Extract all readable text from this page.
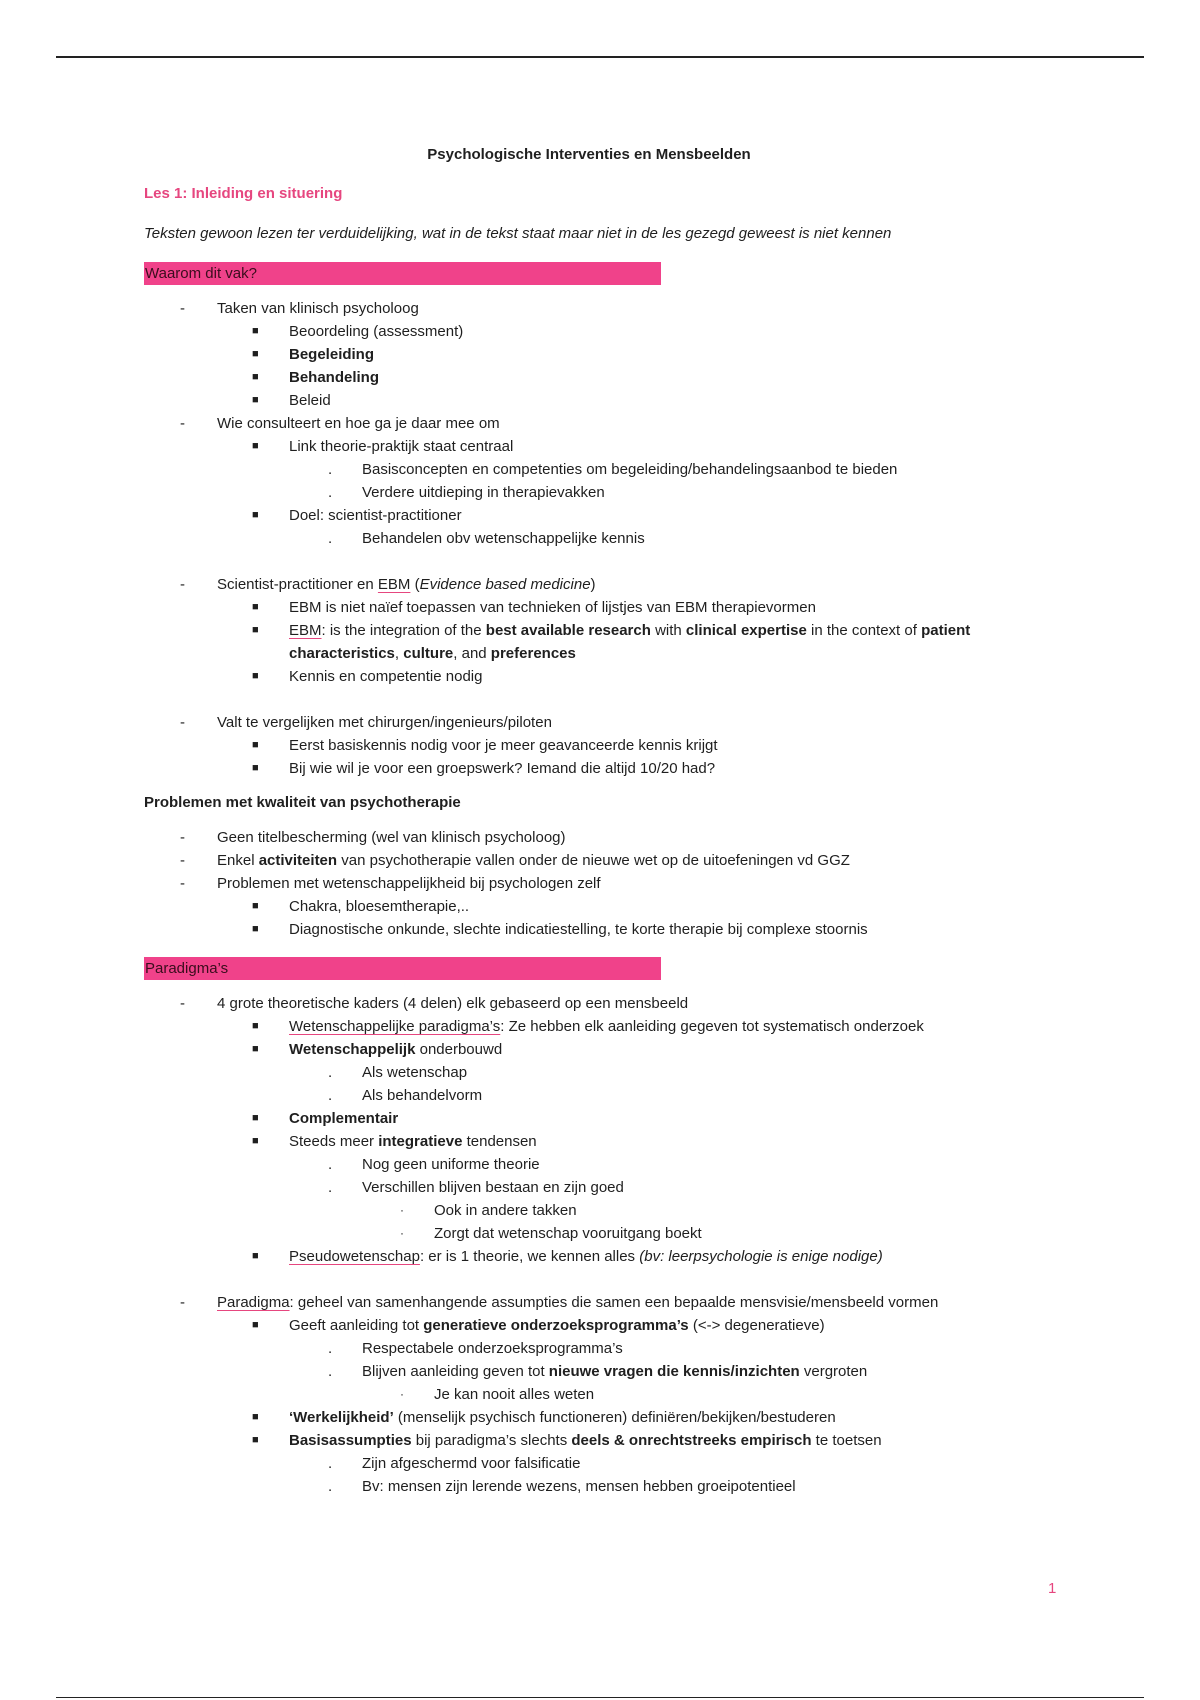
Psychologische Interventies en Mensbeelden
Les 1: Inleiding en situering
Teksten gewoon lezen ter verduidelijking, wat in de tekst staat maar niet in de les gezegd geweest is niet kennen
Waarom dit vak?
- Taken van klinisch psycholoog
■ Beoordeling (assessment)
■ Begeleiding
■ Behandeling
■ Beleid
- Wie consulteert en hoe ga je daar mee om
■ Link theorie-praktijk staat centraal
. Basisconcepten en competenties om begeleiding/behandelingsaanbod te bieden
. Verdere uitdieping in therapievakken
■ Doel: scientist-practitioner
. Behandelen obv wetenschappelijke kennis
- Scientist-practitioner en EBM (Evidence based medicine)
■ EBM is niet naïef toepassen van technieken of lijstjes van EBM therapievormen
■ EBM: is the integration of the best available research with clinical expertise in the context of patient characteristics, culture, and preferences
■ Kennis en competentie nodig
- Valt te vergelijken met chirurgen/ingenieurs/piloten
■ Eerst basiskennis nodig voor je meer geavanceerde kennis krijgt
■ Bij wie wil je voor een groepswerk? Iemand die altijd 10/20 had?
Problemen met kwaliteit van psychotherapie
- Geen titelbescherming (wel van klinisch psycholoog)
- Enkel activiteiten van psychotherapie vallen onder de nieuwe wet op de uitoefeningen vd GGZ
- Problemen met wetenschappelijkheid bij psychologen zelf
■ Chakra, bloesemtherapie,..
■ Diagnostische onkunde, slechte indicatiestelling, te korte therapie bij complexe stoornis
Paradigma’s
- 4 grote theoretische kaders (4 delen) elk gebaseerd op een mensbeeld
■ Wetenschappelijke paradigma’s: Ze hebben elk aanleiding gegeven tot systematisch onderzoek
■ Wetenschappelijk onderbouwd
. Als wetenschap
. Als behandelvorm
■ Complementair
■ Steeds meer integratieve tendensen
. Nog geen uniforme theorie
. Verschillen blijven bestaan en zijn goed
· Ook in andere takken
· Zorgt dat wetenschap vooruitgang boekt
■ Pseudowetenschap: er is 1 theorie, we kennen alles (bv: leerpsychologie is enige nodige)
- Paradigma: geheel van samenhangende assumpties die samen een bepaalde mensvisie/mensbeeld vormen
■ Geeft aanleiding tot generatieve onderzoeksprogramma’s (<-> degeneratieve)
. Respectabele onderzoeksprogramma’s
. Blijven aanleiding geven tot nieuwe vragen die kennis/inzichten vergroten
· Je kan nooit alles weten
■ ‘Werkelijkheid’ (menselijk psychisch functioneren) definiëren/bekijken/bestuderen
■ Basisassumpties bij paradigma’s slechts deels & onrechtstreeks empirisch te toetsen
. Zijn afgeschermd voor falsificatie
. Bv: mensen zijn lerende wezens, mensen hebben groeipotentieel
1
